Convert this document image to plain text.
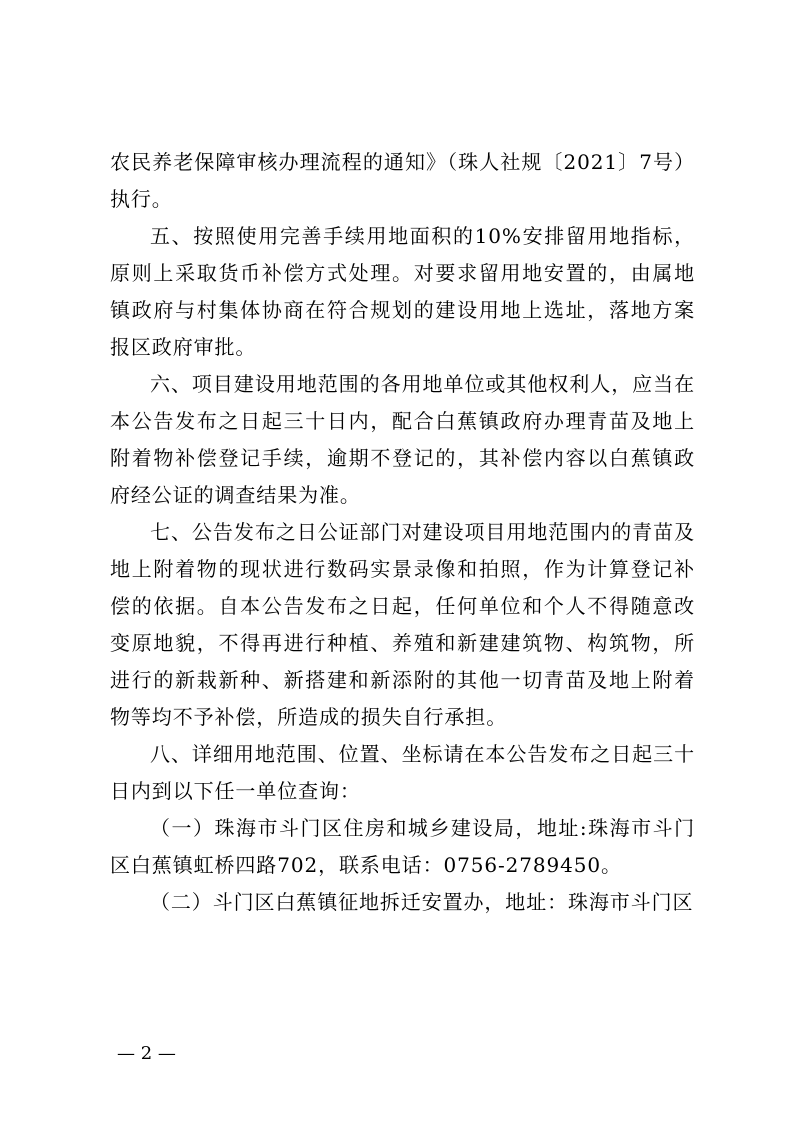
农民养老保障审核办理流程的通知》（珠人社规〔2021〕7号）执行。

五、按照使用完善手续用地面积的10%安排留用地指标，原则上采取货币补偿方式处理。对要求留用地安置的，由属地镇政府与村集体协商在符合规划的建设用地上选址，落地方案报区政府审批。

六、项目建设用地范围的各用地单位或其他权利人，应当在本公告发布之日起三十日内，配合白蕉镇政府办理青苗及地上附着物补偿登记手续，逾期不登记的，其补偿内容以白蕉镇政府经公证的调查结果为准。

七、公告发布之日公证部门对建设项目用地范围内的青苗及地上附着物的现状进行数码实景录像和拍照，作为计算登记补偿的依据。自本公告发布之日起，任何单位和个人不得随意改变原地貌，不得再进行种植、养殖和新建建筑物、构筑物，所进行的新栽新种、新搭建和新添附的其他一切青苗及地上附着物等均不予补偿，所造成的损失自行承担。

八、详细用地范围、位置、坐标请在本公告发布之日起三十日内到以下任一单位查询：

（一）珠海市斗门区住房和城乡建设局，地址:珠海市斗门区白蕉镇虹桥四路702，联系电话：0756-2789450。

（二）斗门区白蕉镇征地拆迁安置办，地址：珠海市斗门区

— 2 —
